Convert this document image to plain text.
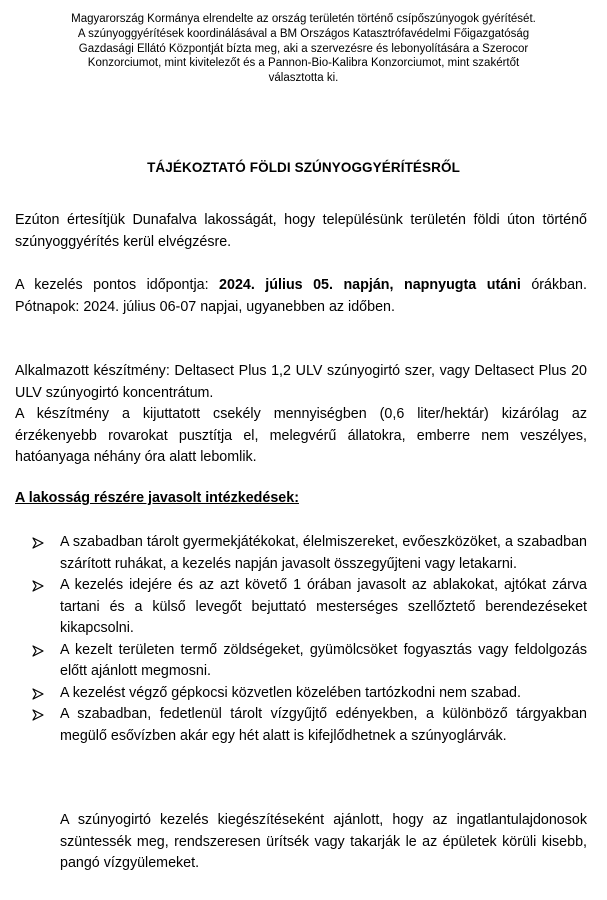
Magyarország Kormánya elrendelte az ország területén történő csípőszúnyogok gyérítését.
A szúnyoggyérítések koordinálásával a BM Országos Katasztrófavédelmi Főigazgatóság
Gazdasági Ellátó Központját bízta meg, aki a szervezésre és lebonyolítására a Szerocor
Konzorciumot, mint kivitelezőt és a Pannon-Bio-Kalibra Konzorciumot, mint szakértőt
választotta ki.
TÁJÉKOZTATÓ FÖLDI SZÚNYOGGYÉRÍTÉSRŐL
Ezúton értesítjük Dunafalva lakosságát, hogy településünk területén földi úton történő szúnyoggyérítés kerül elvégzésre.
A kezelés pontos időpontja: 2024. július 05. napján, napnyugta utáni órákban. Pótnapok: 2024. július 06-07 napjai, ugyanebben az időben.
Alkalmazott készítmény: Deltasect Plus 1,2 ULV szúnyogirtó szer, vagy Deltasect Plus 20 ULV szúnyogirtó koncentrátum.
A készítmény a kijuttatott csekély mennyiségben (0,6 liter/hektár) kizárólag az érzékenyebb rovarokat pusztítja el, melegvérű állatokra, emberre nem veszélyes, hatóanyaga néhány óra alatt lebomlik.
A lakosság részére javasolt intézkedések:
A szabadban tárolt gyermekjátékokat, élelmiszereket, evőeszközöket, a szabadban szárított ruhákat, a kezelés napján javasolt összegyűjteni vagy letakarni.
A kezelés idejére és az azt követő 1 órában javasolt az ablakokat, ajtókat zárva tartani és a külső levegőt bejuttató mesterséges szellőztető berendezéseket kikapcsolni.
A kezelt területen termő zöldségeket, gyümölcsöket fogyasztás vagy feldolgozás előtt ajánlott megmosni.
A kezelést végző gépkocsi közvetlen közelében tartózkodni nem szabad.
A szabadban, fedetlenül tárolt vízgyűjtő edényekben, a különböző tárgyakban megülő esővízben akár egy hét alatt is kifejlődhetnek a szúnyoglárvák.
A szúnyogirtó kezelés kiegészítéseként ajánlott, hogy az ingatlantulajdonosok szüntessék meg, rendszeresen ürítsék vagy takarják le az épületek körüli kisebb, pangó vízgyülemeket.
